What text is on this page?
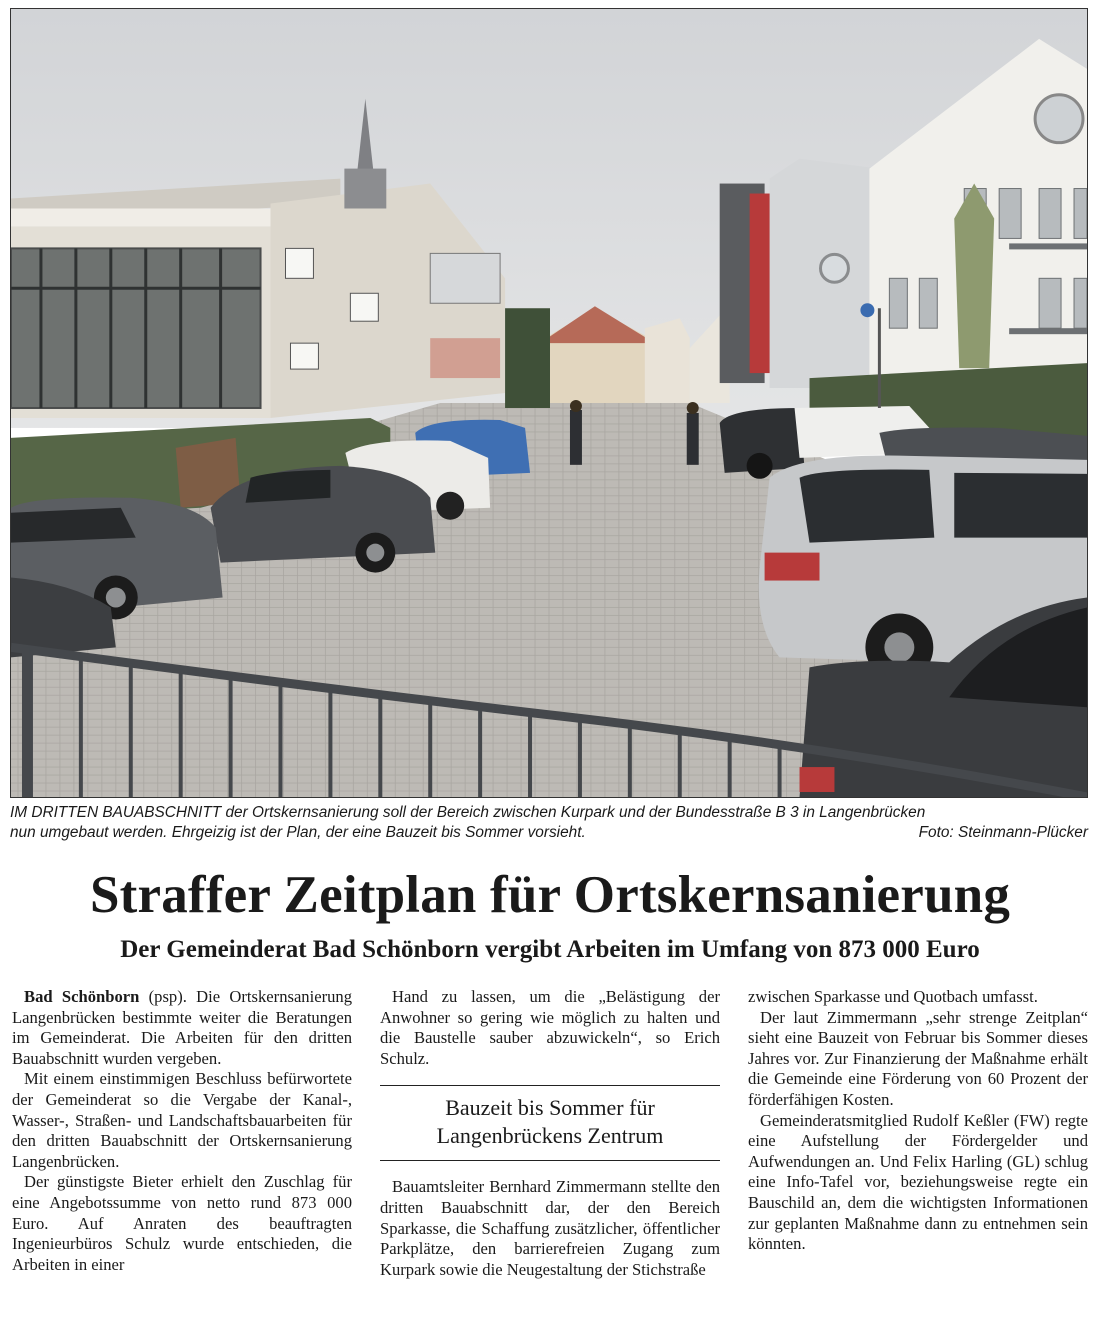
IM DRITTEN BAUABSCHNITT der Ortskernsanierung soll der Bereich zwischen Kurpark und der Bundesstraße B 3 in Langenbrücken
nun umgebaut werden. Ehrgeizig ist der Plan, der eine Bauzeit bis Sommer vorsieht.	Foto: Steinmann-Plücker
Straffer Zeitplan für Ortskernsanierung
Der Gemeinderat Bad Schönborn vergibt Arbeiten im Umfang von 873 000 Euro

Bad Schönborn (psp). Die Ortskernsanierung Langenbrücken bestimmte weiter die Beratungen im Gemeinderat. Die Arbeiten für den dritten Bauabschnitt wurden vergeben.

Mit einem einstimmigen Beschluss befürwortete der Gemeinderat so die Vergabe der Kanal-, Wasser-, Straßen- und Landschaftsbauarbeiten für den dritten Bauabschnitt der Ortskernsanierung Langenbrücken.

Der günstigste Bieter erhielt den Zuschlag für eine Angebotssumme von netto rund 873 000 Euro. Auf Anraten des beauftragten Ingenieurbüros Schulz wurde entschieden, die Arbeiten in einer

Hand zu lassen, um die „Belästigung der Anwohner so gering wie möglich zu halten und die Baustelle sauber abzuwickeln“, so Erich Schulz.

Bauzeit bis Sommer für
Langenbrückens Zentrum

Bauamtsleiter Bernhard Zimmermann stellte den dritten Bauabschnitt dar, der den Bereich Sparkasse, die Schaffung zusätzlicher, öffentlicher Parkplätze, den barrierefreien Zugang zum Kurpark sowie die Neugestaltung der Stichstraße

zwischen Sparkasse und Quotbach umfasst.

Der laut Zimmermann „sehr strenge Zeitplan“ sieht eine Bauzeit von Februar bis Sommer dieses Jahres vor. Zur Finanzierung der Maßnahme erhält die Gemeinde eine Förderung von 60 Prozent der förderfähigen Kosten.

Gemeinderatsmitglied Rudolf Keßler (FW) regte eine Aufstellung der Fördergelder und Aufwendungen an. Und Felix Harling (GL) schlug eine Info-Tafel vor, beziehungsweise regte ein Bauschild an, dem die wichtigsten Informationen zur geplanten Maßnahme dann zu entnehmen sein könnten.
